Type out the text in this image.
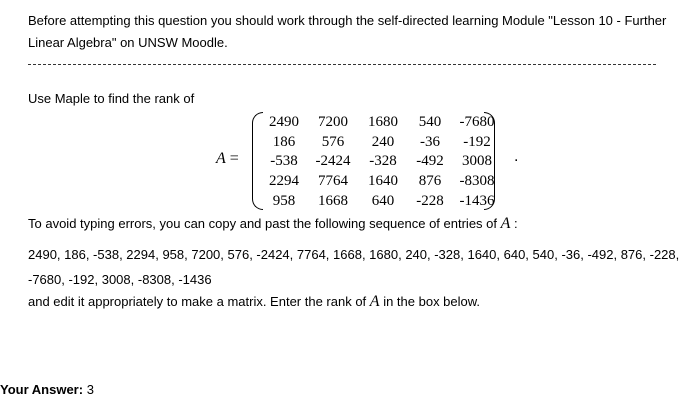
Before attempting this question you should work through the self-directed learning Module "Lesson 10 - Further Linear Algebra" on UNSW Moodle.
Use Maple to find the rank of
A =
2490	7200	1680	540	-7680
186	576	240	-36	-192
-538	-2424	-328	-492	3008
2294	7764	1640	876	-8308
958	1668	640	-228	-1436
.
To avoid typing errors, you can copy and past the following sequence of entries of A :
2490, 186, -538, 2294, 958, 7200, 576, -2424, 7764, 1668, 1680, 240, -328, 1640, 640, 540, -36, -492, 876, -228, -7680, -192, 3008, -8308, -1436
and edit it appropriately to make a matrix. Enter the rank of A in the box below.
Your Answer: 3
